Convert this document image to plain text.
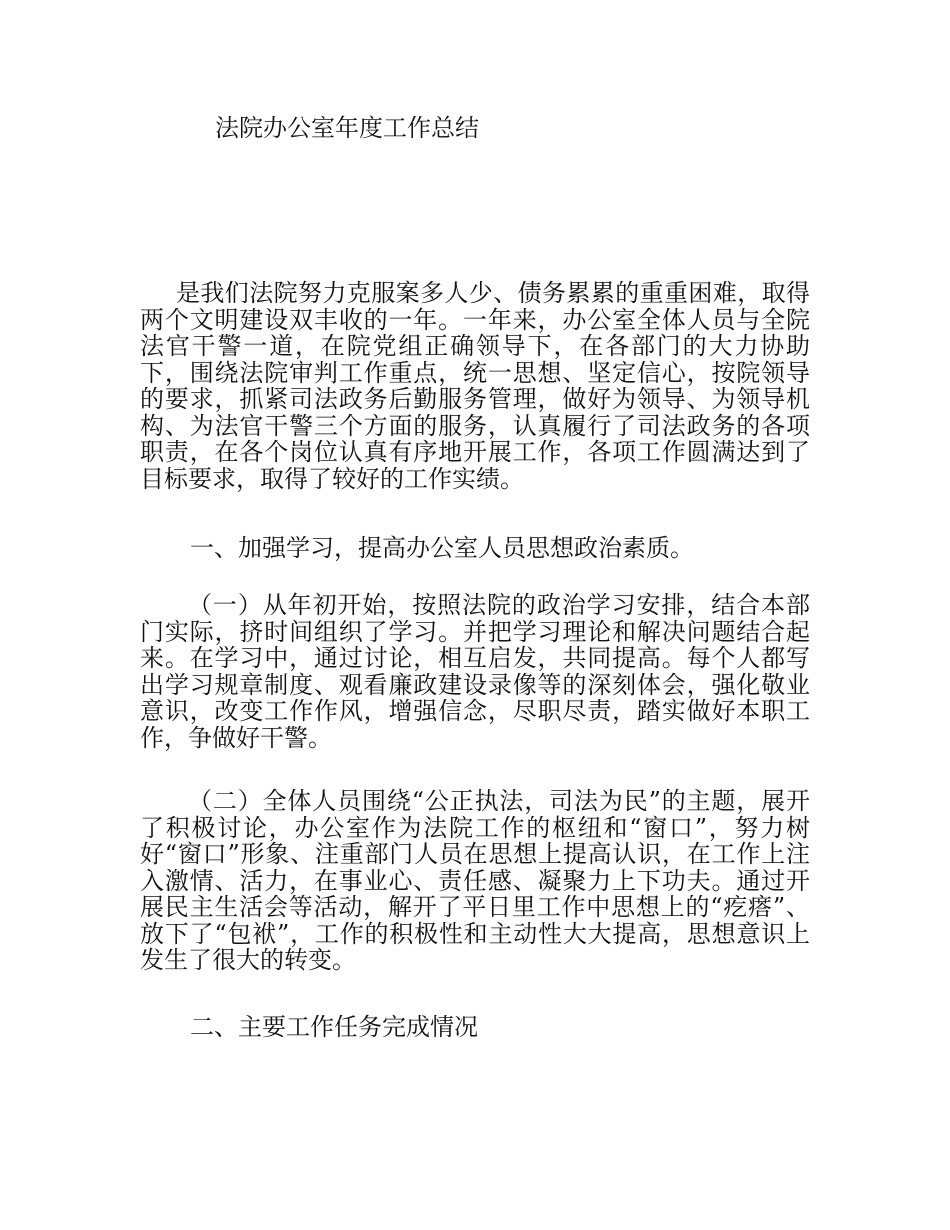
法院办公室年度工作总结

是我们法院努力克服案多人少、债务累累的重重困难，取得两个文明建设双丰收的一年。一年来，办公室全体人员与全院法官干警一道，在院党组正确领导下，在各部门的大力协助下，围绕法院审判工作重点，统一思想、坚定信心，按院领导的要求，抓紧司法政务后勤服务管理，做好为领导、为领导机构、为法官干警三个方面的服务，认真履行了司法政务的各项职责，在各个岗位认真有序地开展工作，各项工作圆满达到了目标要求，取得了较好的工作实绩。

一、加强学习，提高办公室人员思想政治素质。

（一）从年初开始，按照法院的政治学习安排，结合本部门实际，挤时间组织了学习。并把学习理论和解决问题结合起来。在学习中，通过讨论，相互启发，共同提高。每个人都写出学习规章制度、观看廉政建设录像等的深刻体会，强化敬业意识，改变工作作风，增强信念，尽职尽责，踏实做好本职工作，争做好干警。

（二）全体人员围绕“公正执法，司法为民”的主题，展开了积极讨论，办公室作为法院工作的枢纽和“窗口”，努力树好“窗口”形象、注重部门人员在思想上提高认识，在工作上注入激情、活力，在事业心、责任感、凝聚力上下功夫。通过开展民主生活会等活动，解开了平日里工作中思想上的“疙瘩”、放下了“包袱”，工作的积极性和主动性大大提高，思想意识上发生了很大的转变。

二、主要工作任务完成情况
